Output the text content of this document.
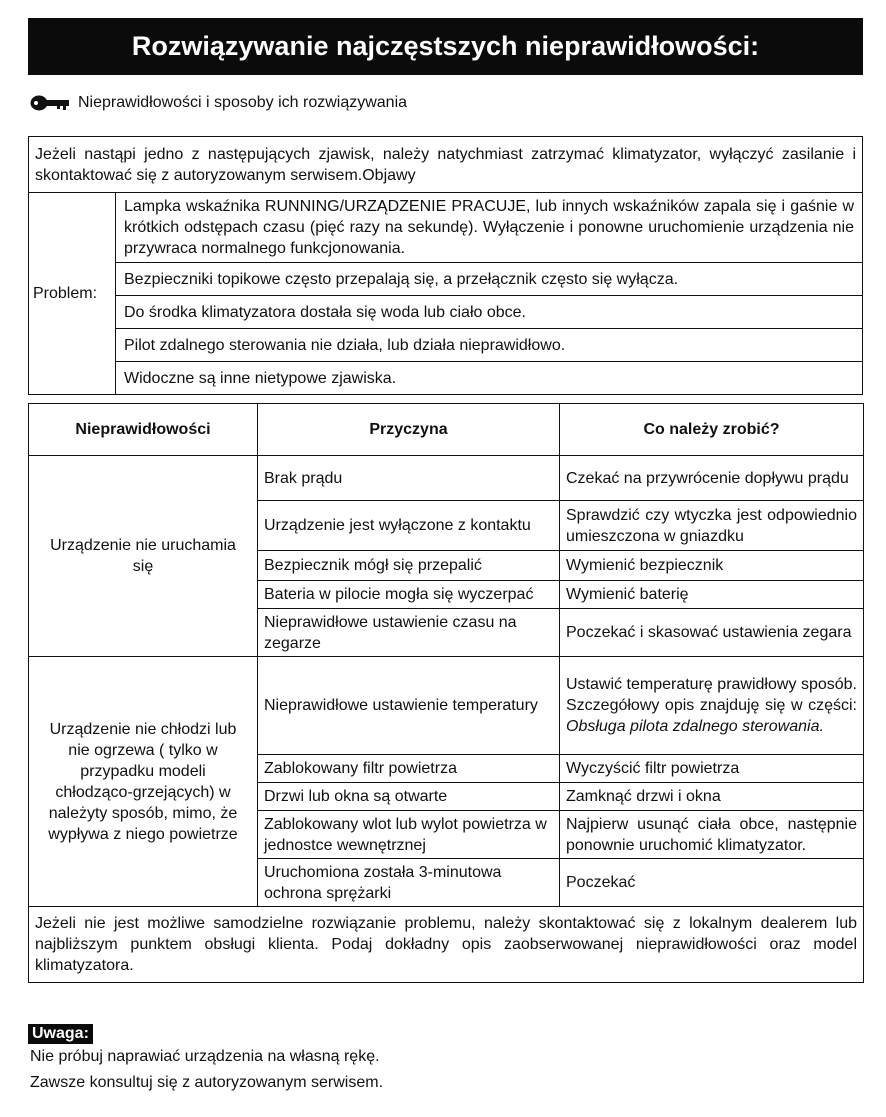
Rozwiązywanie najczęstszych nieprawidłowości:
Nieprawidłowości i sposoby ich rozwiązywania
Jeżeli nastąpi jedno z następujących zjawisk, należy natychmiast zatrzymać klimatyzator, wyłączyć zasilanie i skontaktować się z autoryzowanym serwisem.Objawy
Problem:	Lampka wskaźnika RUNNING/URZĄDZENIE PRACUJE, lub innych wskaźników zapala się i gaśnie w krótkich odstępach czasu (pięć razy na sekundę). Wyłączenie i ponowne uruchomienie urządzenia nie przywraca normalnego funkcjonowania.
Bezpieczniki topikowe często przepalają się, a przełącznik często się wyłącza.
Do środka klimatyzatora dostała się woda lub ciało obce.
Pilot zdalnego sterowania nie działa, lub działa nieprawidłowo.
Widoczne są inne nietypowe zjawiska.
Nieprawidłowości	Przyczyna	Co należy zrobić?
Urządzenie nie uruchamia się	Brak prądu	Czekać na przywrócenie dopływu prądu
	Urządzenie jest wyłączone z kontaktu	Sprawdzić czy wtyczka jest odpowiednio umieszczona w gniazdku
	Bezpiecznik mógł się przepalić	Wymienić bezpiecznik
	Bateria w pilocie mogła się wyczerpać	Wymienić baterię
	Nieprawidłowe ustawienie czasu na zegarze	Poczekać i skasować ustawienia zegara
Urządzenie nie chłodzi lub nie ogrzewa ( tylko w przypadku modeli chłodząco-grzejących) w należyty sposób, mimo, że wypływa z niego powietrze	Nieprawidłowe ustawienie temperatury	Ustawić temperaturę prawidłowy sposób. Szczegółowy opis znajduję się w części: Obsługa pilota zdalnego sterowania.
	Zablokowany filtr powietrza	Wyczyścić filtr powietrza
	Drzwi lub okna są otwarte	Zamknąć drzwi i okna
	Zablokowany wlot lub wylot powietrza w jednostce wewnętrznej	Najpierw usunąć ciała obce, następnie ponownie uruchomić klimatyzator.
	Uruchomiona została 3-minutowa ochrona sprężarki	Poczekać
Jeżeli nie jest możliwe samodzielne rozwiązanie problemu, należy skontaktować się z lokalnym dealerem lub najbliższym punktem obsługi klienta. Podaj dokładny opis zaobserwowanej nieprawidłowości oraz model klimatyzatora.		
Uwaga:
Nie próbuj naprawiać urządzenia na własną rękę.
Zawsze konsultuj się z autoryzowanym serwisem.
